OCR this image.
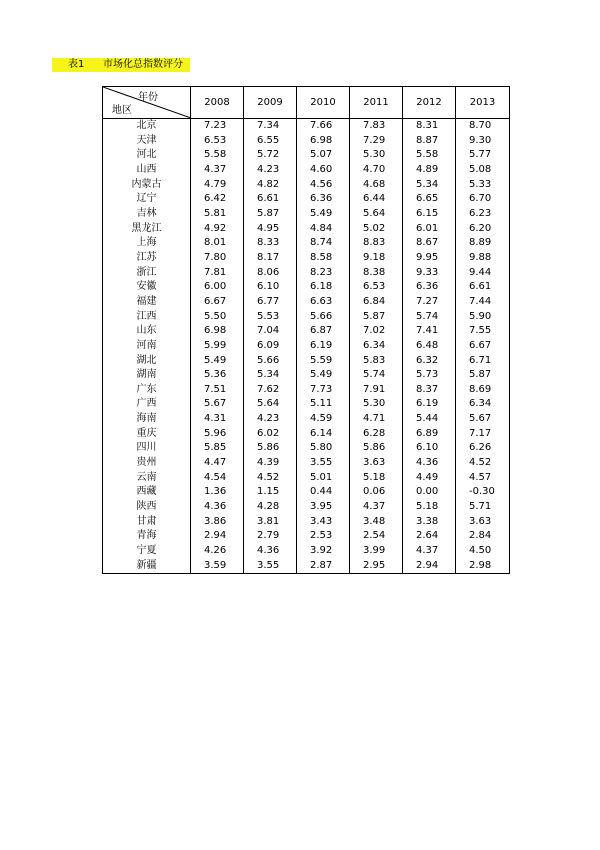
表1 市场化总指数评分
年份
地区	2008	2009	2010	2011	2012	2013
北京	7.23	7.34	7.66	7.83	8.31	8.70
天津	6.53	6.55	6.98	7.29	8.87	9.30
河北	5.58	5.72	5.07	5.30	5.58	5.77
山西	4.37	4.23	4.60	4.70	4.89	5.08
内蒙古	4.79	4.82	4.56	4.68	5.34	5.33
辽宁	6.42	6.61	6.36	6.44	6.65	6.70
吉林	5.81	5.87	5.49	5.64	6.15	6.23
黑龙江	4.92	4.95	4.84	5.02	6.01	6.20
上海	8.01	8.33	8.74	8.83	8.67	8.89
江苏	7.80	8.17	8.58	9.18	9.95	9.88
浙江	7.81	8.06	8.23	8.38	9.33	9.44
安徽	6.00	6.10	6.18	6.53	6.36	6.61
福建	6.67	6.77	6.63	6.84	7.27	7.44
江西	5.50	5.53	5.66	5.87	5.74	5.90
山东	6.98	7.04	6.87	7.02	7.41	7.55
河南	5.99	6.09	6.19	6.34	6.48	6.67
湖北	5.49	5.66	5.59	5.83	6.32	6.71
湖南	5.36	5.34	5.49	5.74	5.73	5.87
广东	7.51	7.62	7.73	7.91	8.37	8.69
广西	5.67	5.64	5.11	5.30	6.19	6.34
海南	4.31	4.23	4.59	4.71	5.44	5.67
重庆	5.96	6.02	6.14	6.28	6.89	7.17
四川	5.85	5.86	5.80	5.86	6.10	6.26
贵州	4.47	4.39	3.55	3.63	4.36	4.52
云南	4.54	4.52	5.01	5.18	4.49	4.57
西藏	1.36	1.15	0.44	0.06	0.00	-0.30
陕西	4.36	4.28	3.95	4.37	5.18	5.71
甘肃	3.86	3.81	3.43	3.48	3.38	3.63
青海	2.94	2.79	2.53	2.54	2.64	2.84
宁夏	4.26	4.36	3.92	3.99	4.37	4.50
新疆	3.59	3.55	2.87	2.95	2.94	2.98
